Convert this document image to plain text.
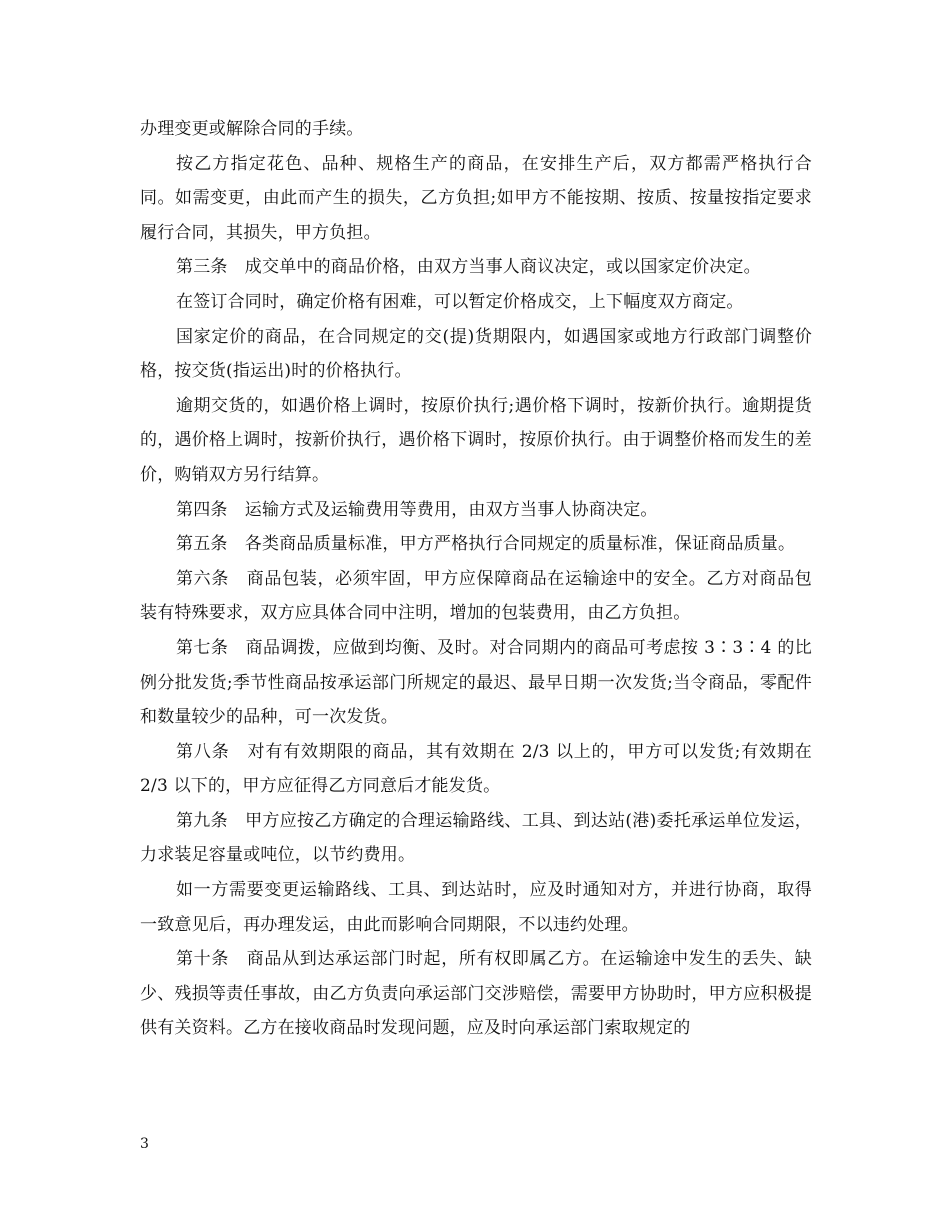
办理变更或解除合同的手续。

按乙方指定花色、品种、规格生产的商品，在安排生产后，双方都需严格执行合同。如需变更，由此而产生的损失，乙方负担;如甲方不能按期、按质、按量按指定要求履行合同，其损失，甲方负担。

第三条　成交单中的商品价格，由双方当事人商议决定，或以国家定价决定。

在签订合同时，确定价格有困难，可以暂定价格成交，上下幅度双方商定。

国家定价的商品，在合同规定的交(提)货期限内，如遇国家或地方行政部门调整价格，按交货(指运出)时的价格执行。

逾期交货的，如遇价格上调时，按原价执行;遇价格下调时，按新价执行。逾期提货的，遇价格上调时，按新价执行，遇价格下调时，按原价执行。由于调整价格而发生的差价，购销双方另行结算。

第四条　运输方式及运输费用等费用，由双方当事人协商决定。

第五条　各类商品质量标准，甲方严格执行合同规定的质量标准，保证商品质量。

第六条　商品包装，必须牢固，甲方应保障商品在运输途中的安全。乙方对商品包装有特殊要求，双方应具体合同中注明，增加的包装费用，由乙方负担。

第七条　商品调拨，应做到均衡、及时。对合同期内的商品可考虑按 3∶3∶4 的比例分批发货;季节性商品按承运部门所规定的最迟、最早日期一次发货;当令商品，零配件和数量较少的品种，可一次发货。

第八条　对有有效期限的商品，其有效期在 2/3 以上的，甲方可以发货;有效期在 2/3 以下的，甲方应征得乙方同意后才能发货。

第九条　甲方应按乙方确定的合理运输路线、工具、到达站(港)委托承运单位发运，力求装足容量或吨位，以节约费用。

如一方需要变更运输路线、工具、到达站时，应及时通知对方，并进行协商，取得一致意见后，再办理发运，由此而影响合同期限，不以违约处理。

第十条　商品从到达承运部门时起，所有权即属乙方。在运输途中发生的丢失、缺少、残损等责任事故，由乙方负责向承运部门交涉赔偿，需要甲方协助时，甲方应积极提供有关资料。乙方在接收商品时发现问题，应及时向承运部门索取规定的

3
